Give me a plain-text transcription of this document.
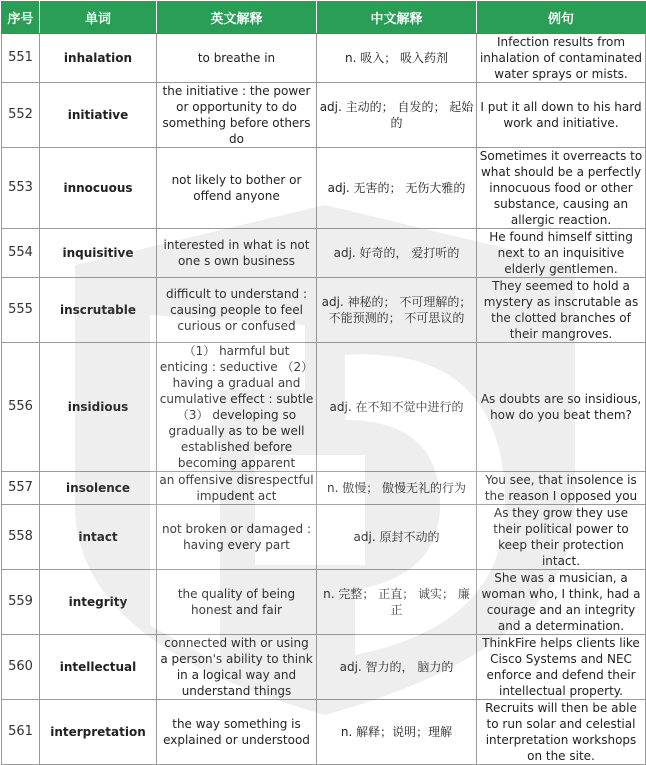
序号	单词	英文解释	中文解释	例句
551	inhalation	to breathe in	n. 吸入； 吸入药剂	Infection results from inhalation of contaminated water sprays or mists.
552	initiative	the initiative : the power or opportunity to do something before others do	adj. 主动的； 自发的； 起始的	I put it all down to his hard work and initiative.
553	innocuous	not likely to bother or offend anyone	adj. 无害的； 无伤大雅的	Sometimes it overreacts to what should be a perfectly innocuous food or other substance, causing an allergic reaction.
554	inquisitive	interested in what is not one s own business	adj. 好奇的， 爱打听的	He found himself sitting next to an inquisitive elderly gentlemen.
555	inscrutable	difficult to understand : causing people to feel curious or confused	adj. 神秘的； 不可理解的； 不能预测的； 不可思议的	They seemed to hold a mystery as inscrutable as the clotted branches of their mangroves.
556	insidious	（1） harmful but enticing : seductive （2） having a gradual and cumulative effect : subtle （3） developing so gradually as to be well established before becoming apparent	adj. 在不知不觉中进行的	As doubts are so insidious, how do you beat them?
557	insolence	an offensive disrespectful impudent act	n. 傲慢； 傲慢无礼的行为	You see, that insolence is the reason I opposed you
558	intact	not broken or damaged : having every part	adj. 原封不动的	As they grow they use their political power to keep their protection intact.
559	integrity	the quality of being honest and fair	n. 完整； 正直； 诚实； 廉正	She was a musician, a woman who, I think, had a courage and an integrity and a determination.
560	intellectual	connected with or using a person's ability to think in a logical way and understand things	adj. 智力的， 脑力的	ThinkFire helps clients like Cisco Systems and NEC enforce and defend their intellectual property.
561	interpretation	the way something is explained or understood	n. 解释；说明；理解	Recruits will then be able to run solar and celestial interpretation workshops on the site.
